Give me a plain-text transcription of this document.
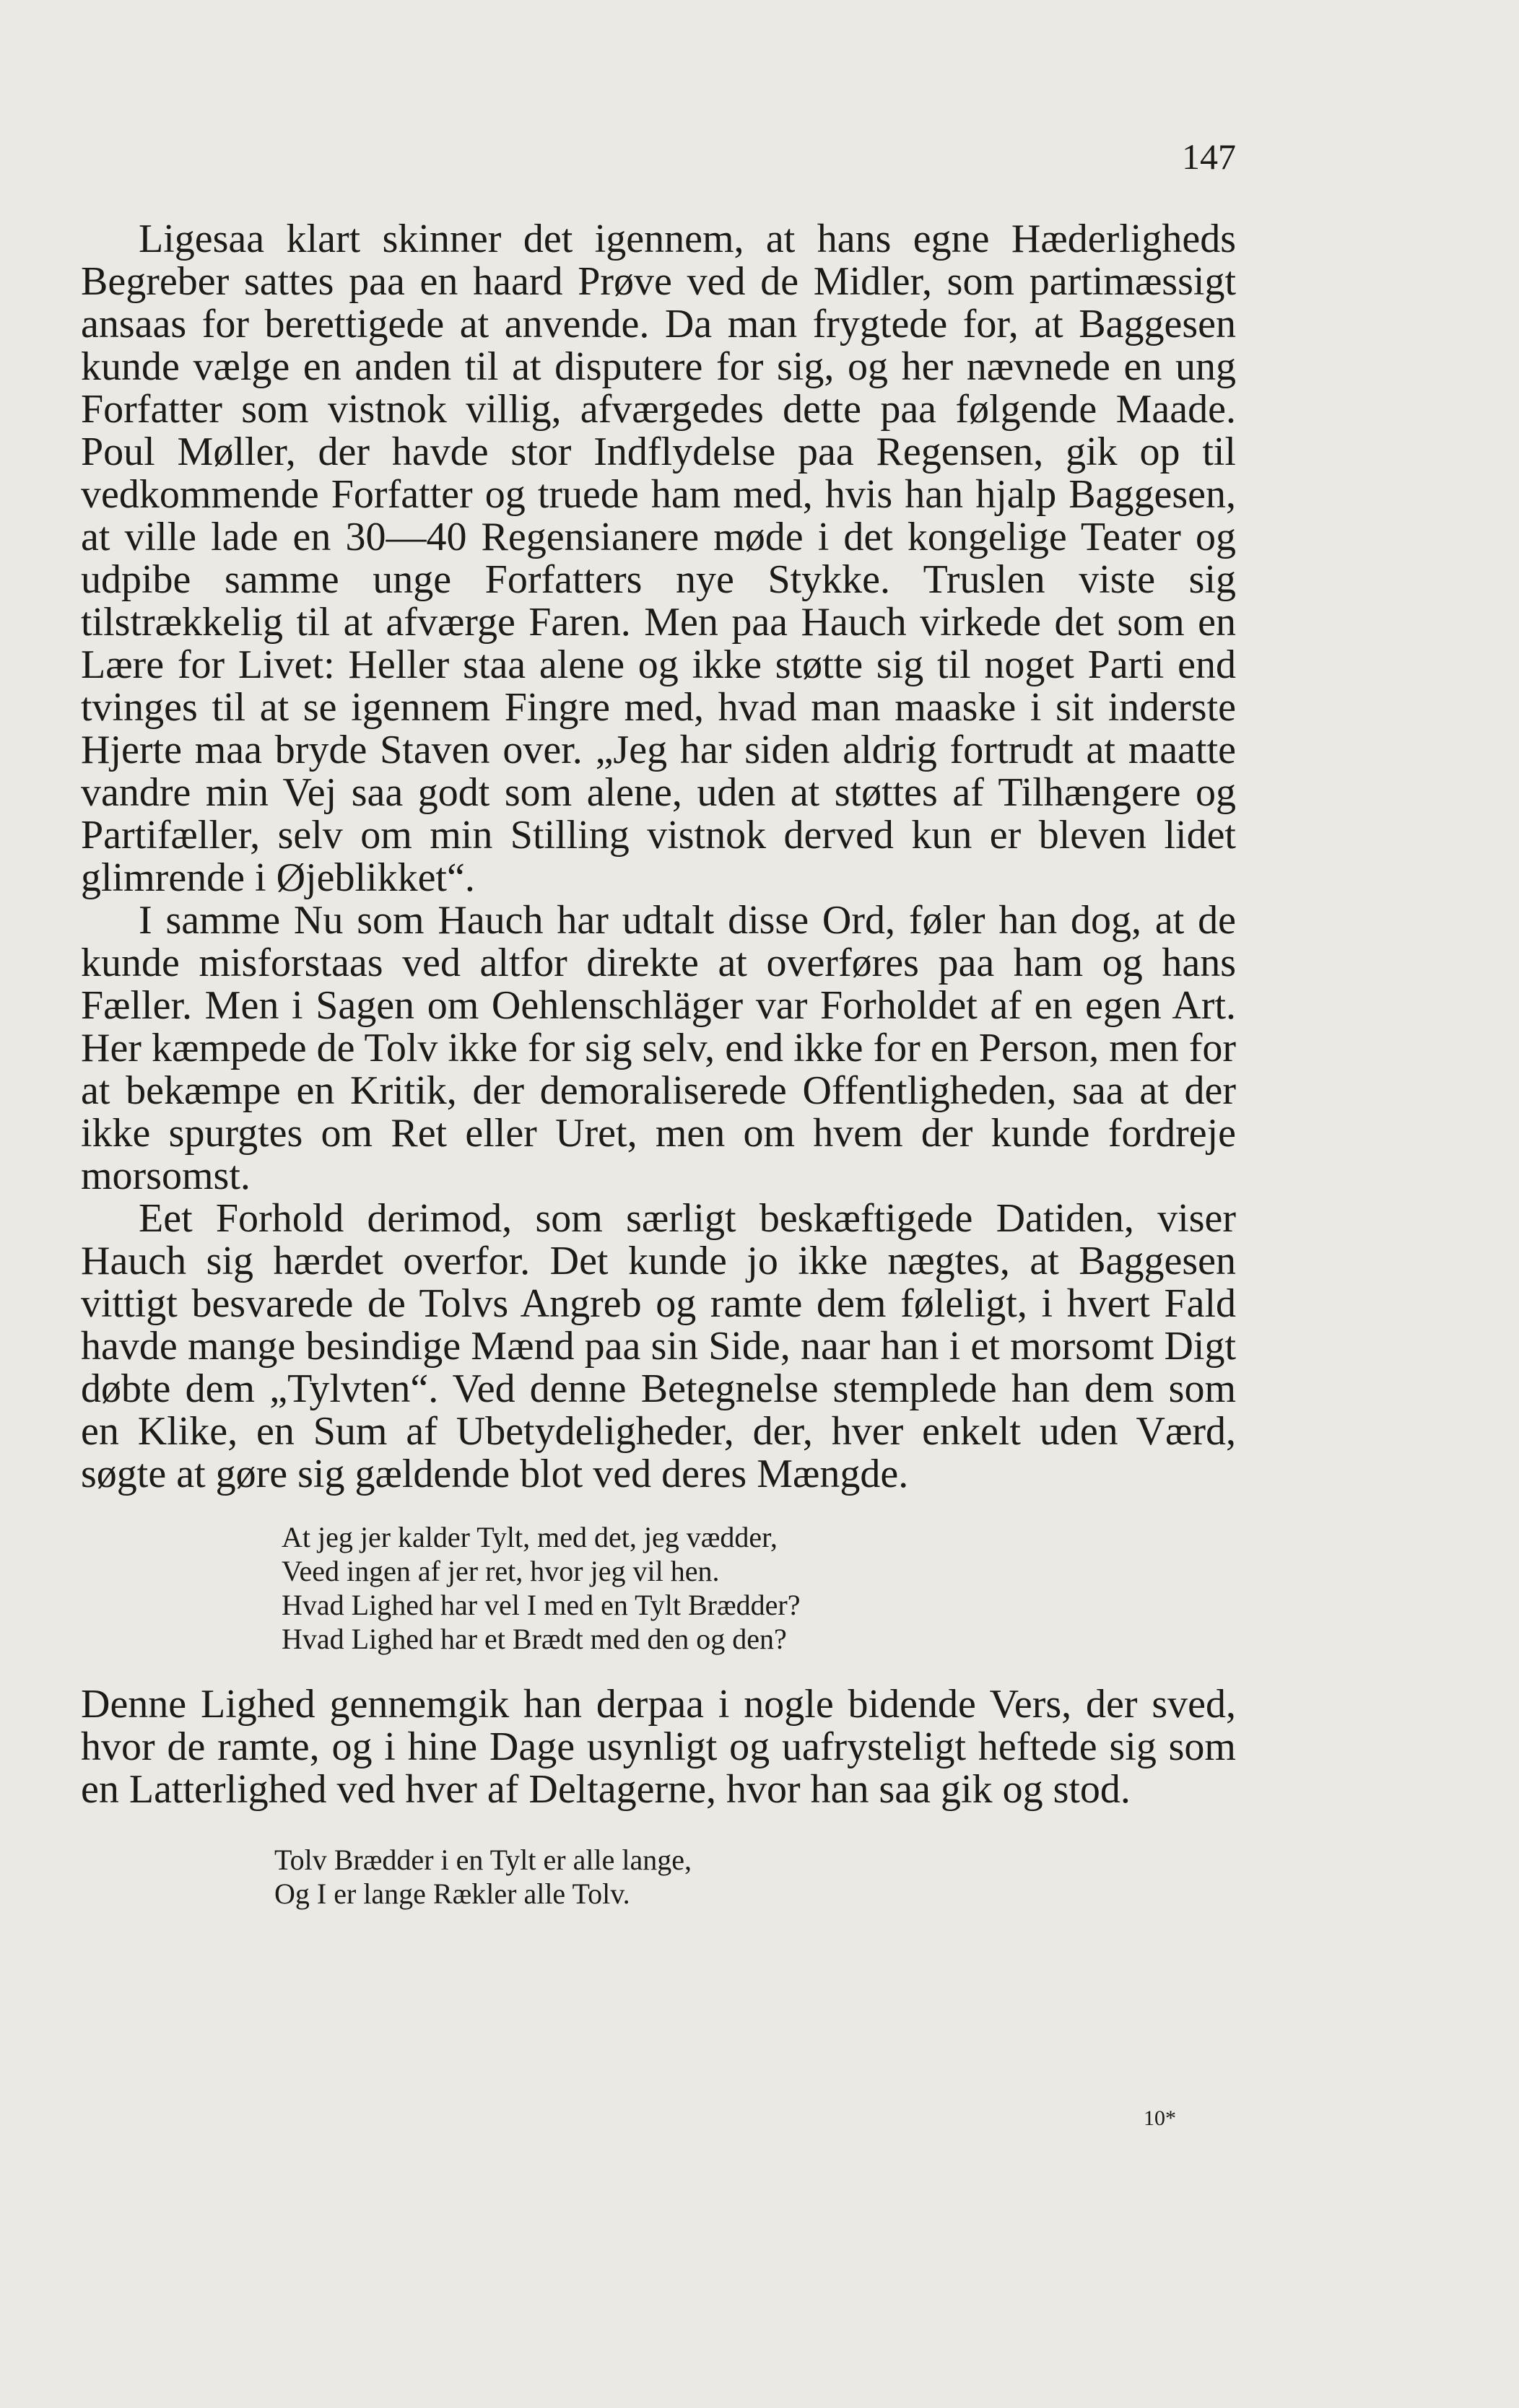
147

Ligesaa klart skinner det igennem, at hans egne Hæderligheds Begreber sattes paa en haard Prøve ved de Midler, som partimæssigt ansaas for berettigede at anvende. Da man frygtede for, at Baggesen kunde vælge en anden til at disputere for sig, og her nævnede en ung Forfatter som vistnok villig, afværgedes dette paa følgende Maade. Poul Møller, der havde stor Indflydelse paa Regensen, gik op til vedkommende Forfatter og truede ham med, hvis han hjalp Baggesen, at ville lade en 30—40 Regensianere møde i det kongelige Teater og udpibe samme unge Forfatters nye Stykke. Truslen viste sig tilstrækkelig til at afværge Faren. Men paa Hauch virkede det som en Lære for Livet: Heller staa alene og ikke støtte sig til noget Parti end tvinges til at se igennem Fingre med, hvad man maaske i sit inderste Hjerte maa bryde Staven over. „Jeg har siden aldrig fortrudt at maatte vandre min Vej saa godt som alene, uden at støttes af Tilhængere og Partifæller, selv om min Stilling vistnok derved kun er bleven lidet glimrende i Øjeblikket“.

I samme Nu som Hauch har udtalt disse Ord, føler han dog, at de kunde misforstaas ved altfor direkte at overføres paa ham og hans Fæller. Men i Sagen om Oehlenschläger var Forholdet af en egen Art. Her kæmpede de Tolv ikke for sig selv, end ikke for en Person, men for at bekæmpe en Kritik, der demoraliserede Offentligheden, saa at der ikke spurgtes om Ret eller Uret, men om hvem der kunde fordreje morsomst.

Eet Forhold derimod, som særligt beskæftigede Datiden, viser Hauch sig hærdet overfor. Det kunde jo ikke nægtes, at Baggesen vittigt besvarede de Tolvs Angreb og ramte dem føleligt, i hvert Fald havde mange besindige Mænd paa sin Side, naar han i et morsomt Digt døbte dem „Tylvten“. Ved denne Betegnelse stemplede han dem som en Klike, en Sum af Ubetydeligheder, der, hver enkelt uden Værd, søgte at gøre sig gældende blot ved deres Mængde.

At jeg jer kalder Tylt, med det, jeg vædder,
Veed ingen af jer ret, hvor jeg vil hen.
Hvad Lighed har vel I med en Tylt Brædder?
Hvad Lighed har et Brædt med den og den?

Denne Lighed gennemgik han derpaa i nogle bidende Vers, der sved, hvor de ramte, og i hine Dage usynligt og uafrysteligt heftede sig som en Latterlighed ved hver af Deltagerne, hvor han saa gik og stod.

Tolv Brædder i en Tylt er alle lange,
Og I er lange Rækler alle Tolv.
10*
